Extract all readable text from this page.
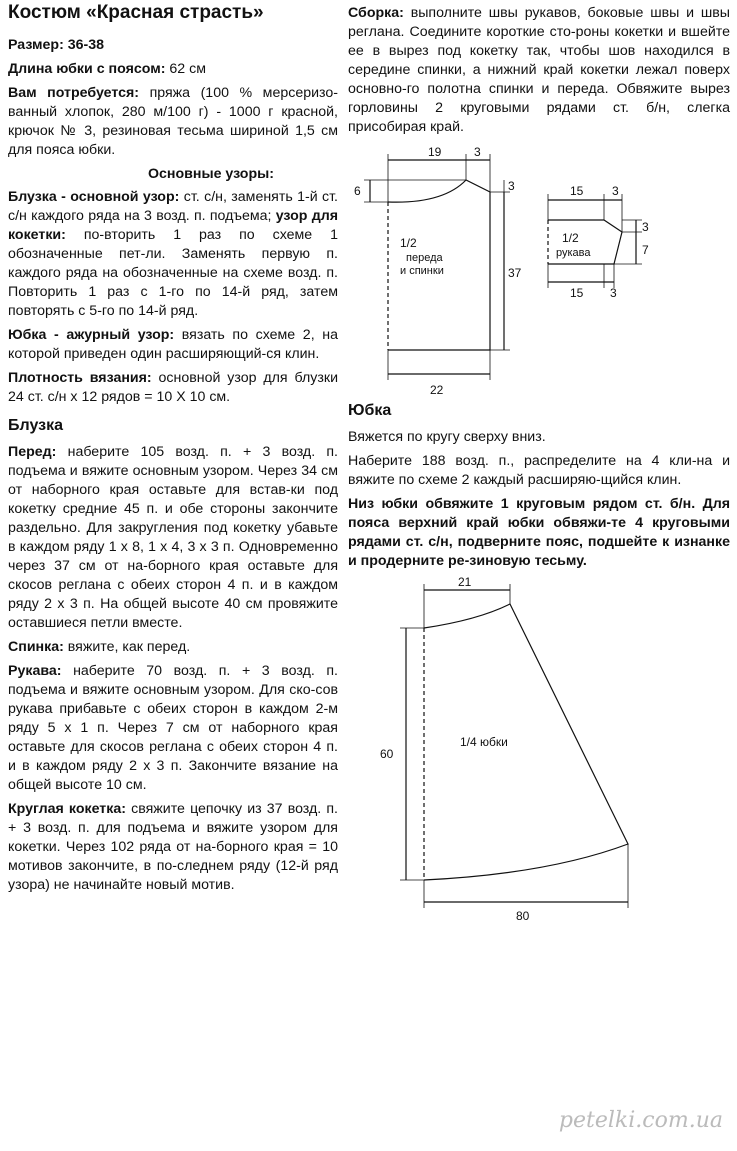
Костюм «Красная страсть»
Размер: 36-38
Длина юбки с поясом: 62 см
Вам потребуется: пряжа (100 % мерсеризо-ванный хлопок, 280 м/100 г) - 1000 г красной, крючок № 3, резиновая тесьма шириной 1,5 см для пояса юбки.
Основные узоры:
Блузка - основной узор: ст. с/н, заменять 1-й ст. с/н каждого ряда на 3 возд. п. подъема; узор для кокетки: по-вторить 1 раз по схеме 1 обозначенные пет-ли. Заменять первую п. каждого ряда на обозначенные на схеме возд. п. Повторить 1 раз с 1-го по 14-й ряд, затем повторять с 5-го по 14-й ряд.
Юбка - ажурный узор: вязать по схеме 2, на которой приведен один расширяющий-ся клин.
Плотность вязания: основной узор для блузки 24 ст. с/н х 12 рядов = 10 X 10 см.
Блузка
Перед: наберите 105 возд. п. + 3 возд. п. подъема и вяжите основным узором. Через 34 см от наборного края оставьте для встав-ки под кокетку средние 45 п. и обе стороны закончите раздельно. Для закругления под кокетку убавьте в каждом ряду 1 х 8, 1 х 4, 3 х 3 п. Одновременно через 37 см от на-борного края оставьте для скосов реглана с обеих сторон 4 п. и в каждом ряду 2 х 3 п. На общей высоте 40 см провяжите оставшиеся петли вместе.
Спинка: вяжите, как перед.
Рукава: наберите 70 возд. п. + 3 возд. п. подъема и вяжите основным узором. Для ско-сов рукава прибавьте с обеих сторон в каждом 2-м ряду 5 х 1 п. Через 7 см от наборного края оставьте для скосов реглана с обеих сторон 4 п. и в каждом ряду 2 х 3 п. Закончите вязание на общей высоте 10 см.
Круглая кокетка: свяжите цепочку из 37 возд. п. + 3 возд. п. для подъема и вяжите узором для кокетки. Через 102 ряда от на-борного края = 10 мотивов закончите, в по-следнем ряду (12-й ряд узора) не начинайте новый мотив.
Сборка: выполните швы рукавов, боковые швы и швы реглана. Соедините короткие сто-роны кокетки и вшейте ее в вырез под кокетку так, чтобы шов находился в середине спинки, а нижний край кокетки лежал поверх основно-го полотна спинки и переда. Обвяжите вырез горловины 2 круговыми рядами ст. б/н, слегка присобирая край.
19	3
6	3
37
22
1/2
переда
и спинки
15 3
3
7
15 3
1/2
рукава
Юбка
Вяжется по кругу сверху вниз.
Наберите 188 возд. п., распределите на 4 кли-на и вяжите по схеме 2 каждый расширяю-щийся клин.
Низ юбки обвяжите 1 круговым рядом ст. б/н. Для пояса верхний край юбки обвяжи-те 4 круговыми рядами ст. с/н, подверните пояс, подшейте к изнанке и продерните ре-зиновую тесьму.
21
60
80
1/4 юбки
petelki.com.ua
